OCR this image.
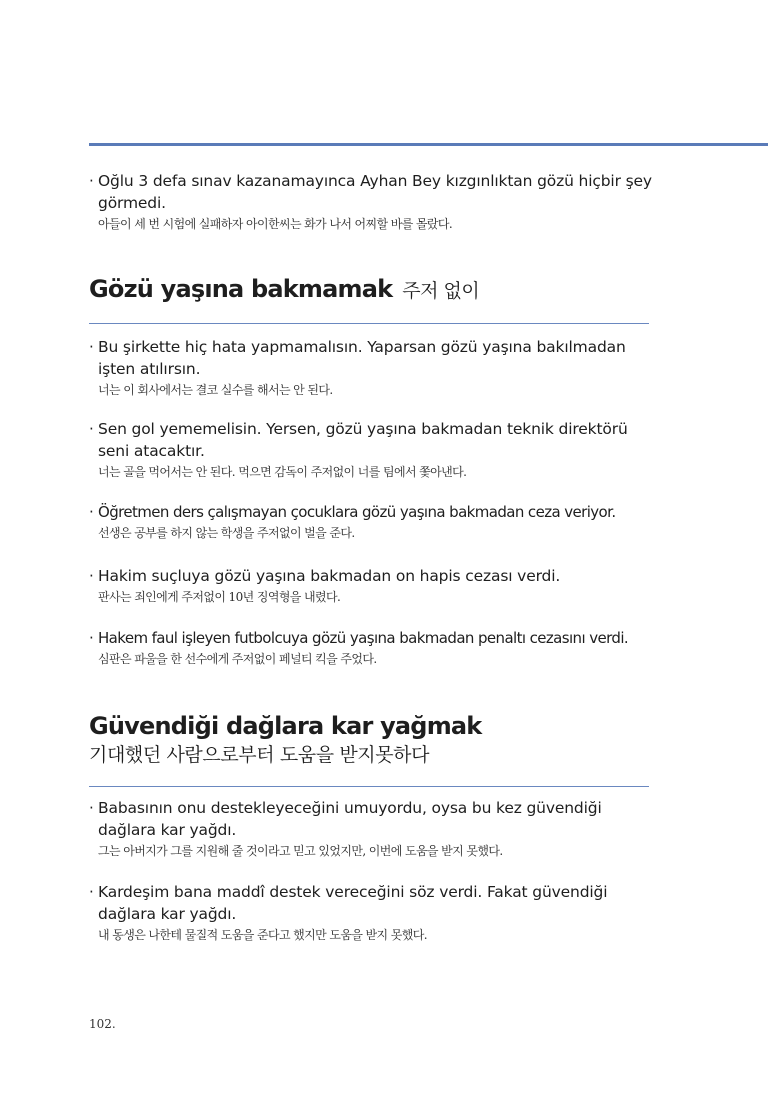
· Oğlu 3 defa sınav kazanamayınca Ayhan Bey kızgınlıktan gözü hiçbir şey görmedi.
아들이 세 번 시험에 실패하자 아이한씨는 화가 나서 어찌할 바를 몰랐다.
Gözü yaşına bakmamak 주저 없이
· Bu şirkette hiç hata yapmamalısın. Yaparsan gözü yaşına bakılmadan işten atılırsın.
너는 이 회사에서는 결코 실수를 해서는 안 된다.
· Sen gol yememelisin. Yersen, gözü yaşına bakmadan teknik direktörü seni atacaktır.
너는 골을 먹어서는 안 된다. 먹으면 감독이 주저없이 너를 팀에서 쫓아낸다.
· Öğretmen ders çalışmayan çocuklara gözü yaşına bakmadan ceza veriyor.
선생은 공부를 하지 않는 학생을 주저없이 벌을 준다.
· Hakim suçluya gözü yaşına bakmadan on hapis cezası verdi.
판사는 죄인에게 주저없이 10년 징역형을 내렸다.
· Hakem faul işleyen futbolcuya gözü yaşına bakmadan penaltı cezasını verdi.
심판은 파울을 한 선수에게 주저없이 페널티 킥을 주었다.
Güvendiği dağlara kar yağmak
기대했던 사람으로부터 도움을 받지못하다
· Babasının onu destekleyeceğini umuyordu, oysa bu kez güvendiği dağlara kar yağdı.
그는 아버지가 그를 지원해 줄 것이라고 믿고 있었지만, 이번에 도움을 받지 못했다.
· Kardeşim bana maddî destek vereceğini söz verdi. Fakat güvendiği dağlara kar yağdı.
내 동생은 나한테 물질적 도움을 준다고 했지만 도움을 받지 못했다.
102.
